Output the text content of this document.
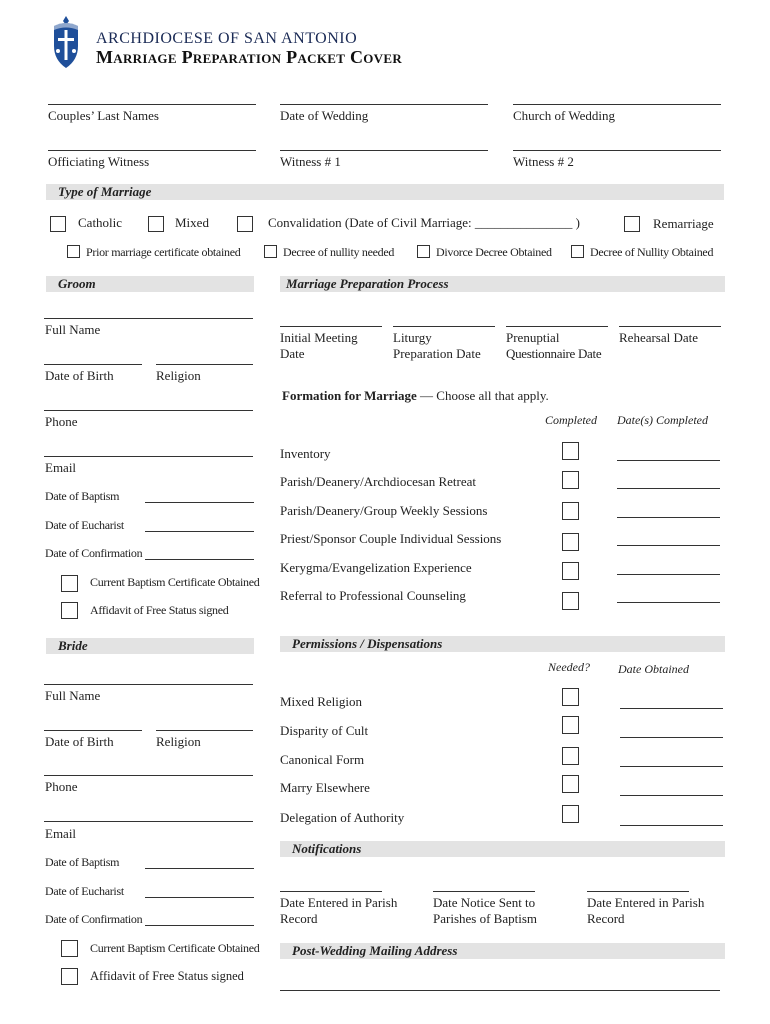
ARCHDIOCESE OF SAN ANTONIO
Marriage Preparation Packet Cover
Couples’ Last Names	Date of Wedding	Church of Wedding
Officiating Witness	Witness # 1	Witness # 2
Type of Marriage
Catholic	Mixed	Convalidation (Date of Civil Marriage: _______________ )	Remarriage
Prior marriage certificate obtained	Decree of nullity needed	Divorce Decree Obtained	Decree of Nullity Obtained
Groom
Full Name
Date of Birth	Religion
Phone
Email
Date of Baptism
Date of Eucharist
Date of Confirmation
Current Baptism Certificate Obtained
Affidavit of Free Status signed
Bride
Full Name
Date of Birth	Religion
Phone
Email
Date of Baptism
Date of Eucharist
Date of Confirmation
Current Baptism Certificate Obtained
Affidavit of Free Status signed
Marriage Preparation Process
Initial Meeting
Date
Liturgy
Preparation Date
Prenuptial
Questionnaire Date
Rehearsal Date
Formation for Marriage — Choose all that apply.
Completed Date(s) Completed
Inventory
Parish/Deanery/Archdiocesan Retreat
Parish/Deanery/Group Weekly Sessions
Priest/Sponsor Couple Individual Sessions
Kerygma/Evangelization Experience
Referral to Professional Counseling
Permissions / Dispensations
Needed? Date Obtained
Mixed Religion
Disparity of Cult
Canonical Form
Marry Elsewhere
Delegation of Authority
Notifications
Date Entered in Parish
Record
Date Notice Sent to
Parishes of Baptism
Date Entered in Parish
Record
Post-Wedding Mailing Address
